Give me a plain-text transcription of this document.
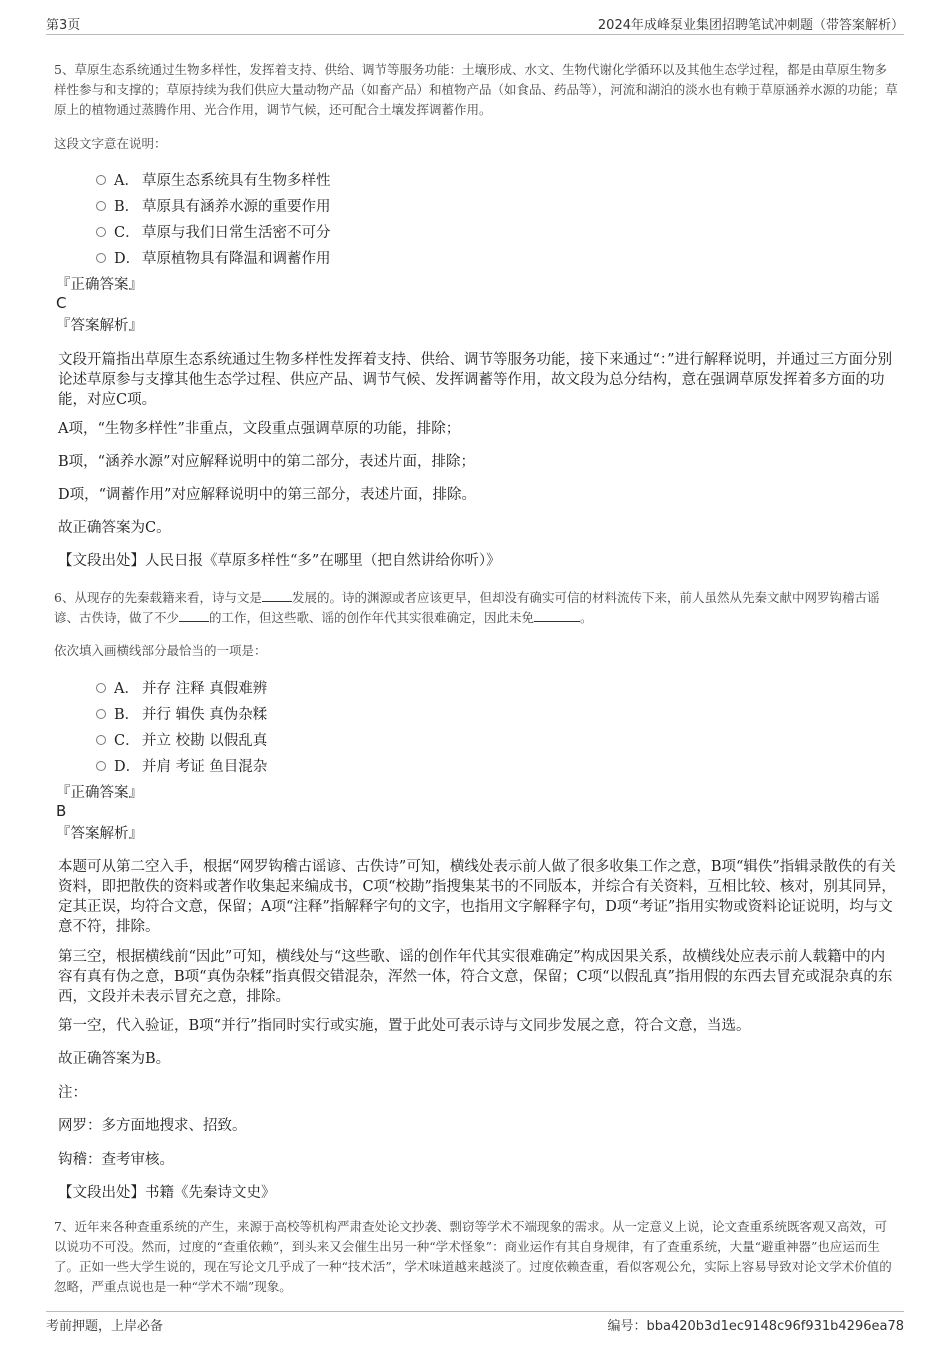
第3页	2024年成峰泵业集团招聘笔试冲刺题（带答案解析）
5、草原生态系统通过生物多样性，发挥着支持、供给、调节等服务功能：土壤形成、水文、生物代谢化学循环以及其他生态学过程，都是由草原生物多样性参与和支撑的；草原持续为我们供应大量动物产品（如畜产品）和植物产品（如食品、药品等），河流和湖泊的淡水也有赖于草原涵养水源的功能；草原上的植物通过蒸腾作用、光合作用，调节气候，还可配合土壤发挥调蓄作用。
这段文字意在说明：
A． 草原生态系统具有生物多样性
B． 草原具有涵养水源的重要作用
C． 草原与我们日常生活密不可分
D． 草原植物具有降温和调蓄作用
『正确答案』
C
『答案解析』
文段开篇指出草原生态系统通过生物多样性发挥着支持、供给、调节等服务功能，接下来通过“：”进行解释说明，并通过三方面分别论述草原参与支撑其他生态学过程、供应产品、调节气候、发挥调蓄等作用，故文段为总分结构，意在强调草原发挥着多方面的功能，对应C项。
A项，“生物多样性”非重点，文段重点强调草原的功能，排除；
B项，“涵养水源”对应解释说明中的第二部分，表述片面，排除；
D项，“调蓄作用”对应解释说明中的第三部分，表述片面，排除。
故正确答案为C。
【文段出处】人民日报《草原多样性“多”在哪里（把自然讲给你听）》
6、从现存的先秦载籍来看，诗与文是 发展的。诗的渊源或者应该更早，但却没有确实可信的材料流传下来，前人虽然从先秦文献中网罗钩稽古谣谚、古佚诗，做了不少 的工作，但这些歌、谣的创作年代其实很难确定，因此未免	。
依次填入画横线部分最恰当的一项是：
A． 并存 注释 真假难辨
B． 并行 辑佚 真伪杂糅
C． 并立 校勘 以假乱真
D． 并肩 考证 鱼目混杂
『正确答案』
B
『答案解析』
本题可从第二空入手，根据“网罗钩稽古谣谚、古佚诗”可知，横线处表示前人做了很多收集工作之意，B项“辑佚”指辑录散佚的有关资料，即把散佚的资料或著作收集起来编成书，C项“校勘”指搜集某书的不同版本，并综合有关资料，互相比较、核对，别其同异，定其正误，均符合文意，保留；A项“注释”指解释字句的文字，也指用文字解释字句，D项“考证”指用实物或资料论证说明，均与文意不符，排除。
第三空，根据横线前“因此”可知，横线处与“这些歌、谣的创作年代其实很难确定”构成因果关系，故横线处应表示前人载籍中的内容有真有伪之意，B项“真伪杂糅”指真假交错混杂，浑然一体，符合文意，保留；C项“以假乱真”指用假的东西去冒充或混杂真的东西，文段并未表示冒充之意，排除。
第一空，代入验证，B项“并行”指同时实行或实施，置于此处可表示诗与文同步发展之意，符合文意，当选。
故正确答案为B。
注：
网罗：多方面地搜求、招致。
钩稽：查考审核。
【文段出处】书籍《先秦诗文史》
7、近年来各种查重系统的产生，来源于高校等机构严肃查处论文抄袭、剽窃等学术不端现象的需求。从一定意义上说，论文查重系统既客观又高效，可以说功不可没。然而，过度的“查重依赖”，到头来又会催生出另一种“学术怪象”：商业运作有其自身规律，有了查重系统，大量“避重神器”也应运而生了。正如一些大学生说的，现在写论文几乎成了一种“技术活”，学术味道越来越淡了。过度依赖查重，看似客观公允，实际上容易导致对论文学术价值的忽略，严重点说也是一种“学术不端”现象。
考前押题，上岸必备	编号：bba420b3d1ec9148c96f931b4296ea78
